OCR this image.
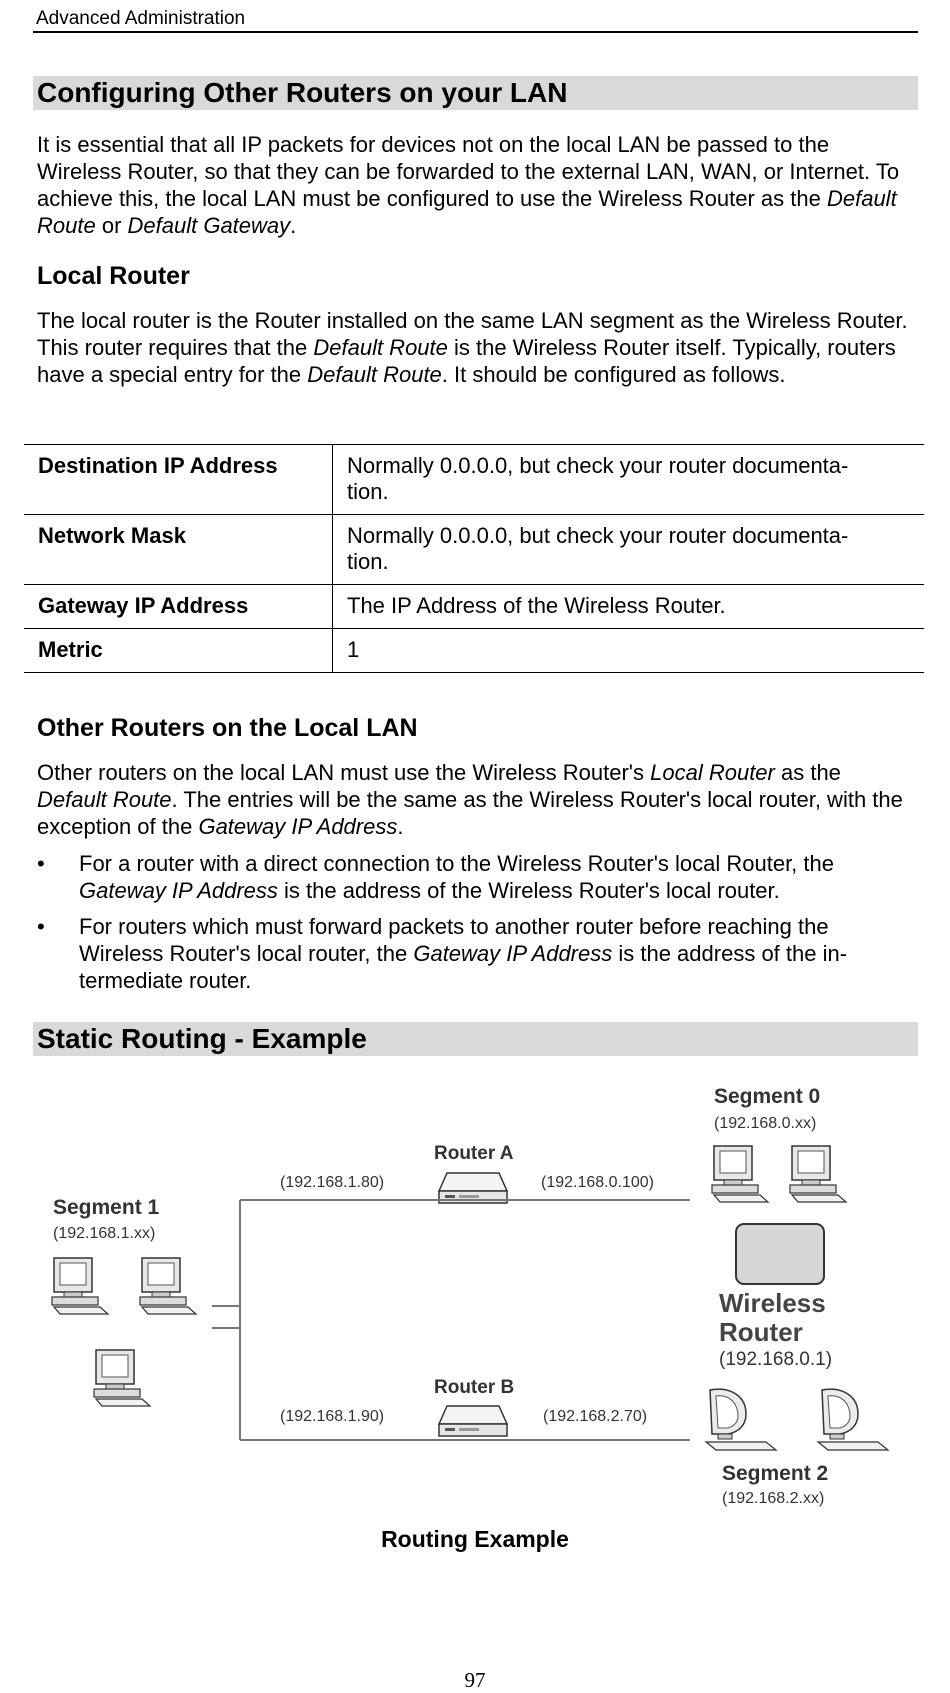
Advanced Administration
Configuring Other Routers on your LAN

It is essential that all IP packets for devices not on the local LAN be passed to the Wireless Router, so that they can be forwarded to the external LAN, WAN, or Internet. To achieve this, the local LAN must be configured to use the Wireless Router as the Default Route or Default Gateway.

Local Router

The local router is the Router installed on the same LAN segment as the Wireless Router. This router requires that the Default Route is the Wireless Router itself. Typically, routers have a special entry for the Default Route. It should be configured as follows.

Destination IP Address	Normally 0.0.0.0, but check your router documenta-
tion.
Network Mask	Normally 0.0.0.0, but check your router documenta-
tion.
Gateway IP Address	The IP Address of the Wireless Router.
Metric	1
Other Routers on the Local LAN

Other routers on the local LAN must use the Wireless Router's Local Router as the Default Route. The entries will be the same as the Wireless Router's local router, with the exception of the Gateway IP Address.

• For a router with a direct connection to the Wireless Router's local Router, the Gateway IP Address is the address of the Wireless Router's local router.
• For routers which must forward packets to another router before reaching the Wireless Router's local router, the Gateway IP Address is the address of the in-termediate router.
Static Routing - Example
Segment 0
(192.168.0.xx)
Router A
(192.168.1.80)	(192.168.0.100)
Segment 1
(192.168.1.xx)
Wireless
Router
(192.168.0.1)
Router B
(192.168.1.90)	(192.168.2.70)
Segment 2
(192.168.2.xx)
Routing Example
97
